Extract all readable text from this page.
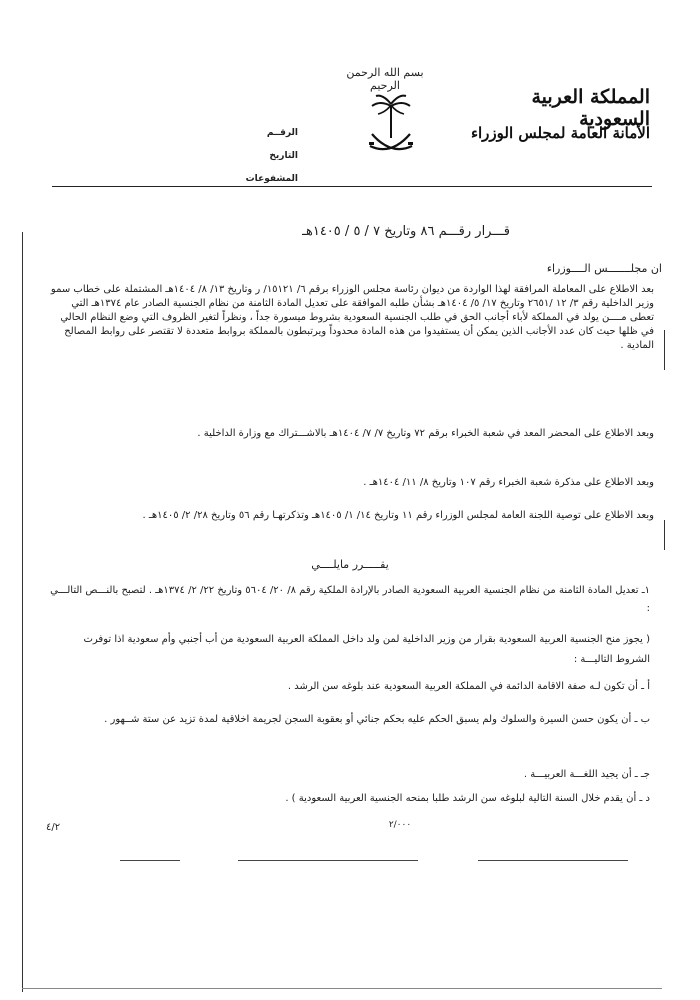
بسم الله الرحمن الرحيم
المملكة العربية السعودية
الأمانة العامة لمجلس الوزراء
الرقــم
التاريخ
المشفوعات
قـــرار رقـــم ٨٦ وتاريخ ٧ / ٥ / ١٤٠٥هـ
ان مجلـــــــس الــــوزراء
بعد الاطلاع على المعاملة المرافقة لهذا الواردة من ديوان رئاسة مجلس الوزراء برقم ٦/ ١٥١٢١/ ر وتاريخ ١٣/ ٨/ ١٤٠٤هـ المشتملة على خطاب سمو وزير الداخلية رقم ٣/ ١٢ /٢٦٥١ وتاريخ ١٧/ ٥/ ١٤٠٤هـ بشأن طلبه الموافقة على تعديل المادة الثامنة من نظام الجنسية الصادر عام ١٣٧٤هـ التي تعطى مــــن يولد في المملكة لأباء أجانب الحق في طلب الجنسية السعودية بشروط ميسورة جداً ، ونظراً لتغير الظروف التي وضع النظام الحالي في ظلها حيث كان عدد الأجانب الذين يمكن أن يستفيدوا من هذه المادة محدوداً ويرتبطون بالمملكة بروابط متعددة لا تقتصر على روابط المصالح المادية .
وبعد الاطلاع على المحضر المعد في شعبة الخبراء برقم ٧٢ وتاريخ ٧/ ٧/ ١٤٠٤هـ بالاشـــتراك مع وزارة الداخلية .
وبعد الاطلاع على مذكرة شعبة الخبراء رقم ١٠٧ وتاريخ ٨/ ١١/ ١٤٠٤هـ .
وبعد الاطلاع على توصية اللجنة العامة لمجلس الوزراء رقم ١١ وتاريخ ١٤/ ١/ ١٤٠٥هـ وتذكرتهـا رقم ٥٦ وتاريخ ٢٨/ ٢/ ١٤٠٥هـ .
يقـــــرر مايلــــي
١ـ تعديل المادة الثامنة من نظام الجنسية العربية السعودية الصادر بالإرادة الملكية رقم ٨/ ٢٠/ ٥٦٠٤ وتاريخ ٢٢/ ٢/ ١٣٧٤هـ . لتصبح بالنـــص التالـــي :
( يجوز منح الجنسية العربية السعودية بقرار من وزير الداخلية لمن ولد داخل المملكة العربية السعودية من أب أجنبي وأم سعودية اذا توفرت الشروط التاليـــة :
أ ـ أن تكون لـه صفة الاقامة الدائمة في المملكة العربية السعودية عند بلوغه سن الرشد .
ب ـ أن يكون حسن السيرة والسلوك ولم يسبق الحكم عليه بحكم جنائي أو بعقوبة السجن لجريمة اخلاقية لمدة تزيد عن ستة شــهور .
جـ ـ أن يجيد اللغـــة العربيـــة .
د ـ أن يقدم خلال السنة التالية لبلوغه سن الرشد طلبا بمنحه الجنسية العربية السعودية ) .
٢/٠٠٠
٤/٢
